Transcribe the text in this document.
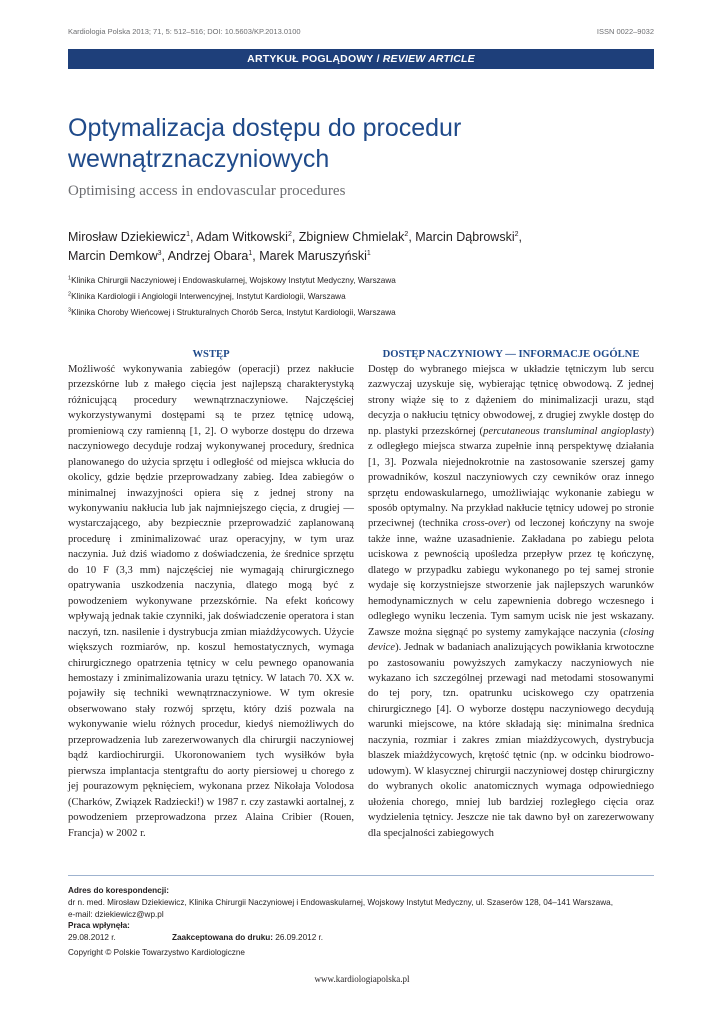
Kardiologia Polska 2013; 71, 5: 512–516; DOI: 10.5603/KP.2013.0100	ISSN 0022–9032
ARTYKUŁ POGLĄDOWY / REVIEW ARTICLE
Optymalizacja dostępu do procedur
wewnątrznaczyniowych
Optimising access in endovascular procedures
Mirosław Dziekiewicz$^1$, Adam Witkowski$^2$, Zbigniew Chmielak$^2$, Marcin Dąbrowski$^2$,
Marcin Demkow$^3$, Andrzej Obara$^1$, Marek Maruszyński$^1$
$^1$Klinika Chirurgii Naczyniowej i Endowaskularnej, Wojskowy Instytut Medyczny, Warszawa
$^2$Klinika Kardiologii i Angiologii Interwencyjnej, Instytut Kardiologii, Warszawa
$^3$Klinika Choroby Wieńcowej i Strukturalnych Chorób Serca, Instytut Kardiologii, Warszawa
WSTĘP

Możliwość wykonywania zabiegów (operacji) przez nakłucie przezskórne lub z małego cięcia jest najlepszą charakterystyką różnicującą procedury wewnątrznaczyniowe. Najczęściej wykorzystywanymi dostępami są te przez tętnicę udową, promieniową czy ramienną [1, 2]. O wyborze dostępu do drzewa naczyniowego decyduje rodzaj wykonywanej procedury, średnica planowanego do użycia sprzętu i odległość od miejsca wkłucia do okolicy, gdzie będzie przeprowadzany zabieg. Idea zabiegów o minimalnej inwazyjności opiera się z jednej strony na wykonywaniu nakłucia lub jak najmniejszego cięcia, z drugiej — wystarczającego, aby bezpiecznie przeprowadzić zaplanowaną procedurę i zminimalizować uraz operacyjny, w tym uraz naczynia. Już dziś wiadomo z doświadczenia, że średnice sprzętu do 10 F (3,3 mm) najczęściej nie wymagają chirurgicznego opatrywania uszkodzenia naczynia, dlatego mogą być z powodzeniem wykonywane przezskórnie. Na efekt końcowy wpływają jednak takie czynniki, jak doświadczenie operatora i stan naczyń, tzn. nasilenie i dystrybucja zmian miażdżycowych. Użycie większych rozmiarów, np. koszul hemostatycznych, wymaga chirurgicznego opatrzenia tętnicy w celu pewnego opanowania hemostazy i zminimalizowania urazu tętnicy. W latach 70. XX w. pojawiły się techniki wewnątrznaczyniowe. W tym okresie obserwowano stały rozwój sprzętu, który dziś pozwala na wykonywanie wielu różnych procedur, kiedyś niemożliwych do przeprowadzenia lub zarezerwowanych dla chirurgii naczyniowej bądź kardiochirurgii. Ukoronowaniem tych wysiłków była pierwsza implantacja stentgraftu do aorty piersiowej u chorego z jej pourazowym pęknięciem, wykonana przez Nikołaja Volodosa (Charków, Związek Radziecki!) w 1987 r. czy zastawki aortalnej, z powodzeniem przeprowadzona przez Alaina Cribier (Rouen, Francja) w 2002 r.

DOSTĘP NACZYNIOWY — INFORMACJE OGÓLNE

Dostęp do wybranego miejsca w układzie tętniczym lub sercu zazwyczaj uzyskuje się, wybierając tętnicę obwodową. Z jednej strony wiąże się to z dążeniem do minimalizacji urazu, stąd decyzja o nakłuciu tętnicy obwodowej, z drugiej zwykle dostęp do np. plastyki przezskórnej (percutaneous transluminal angioplasty) z odległego miejsca stwarza zupełnie inną perspektywę działania [1, 3]. Pozwala niejednokrotnie na zastosowanie szerszej gamy prowadników, koszul naczyniowych czy cewników oraz innego sprzętu endowaskularnego, umożliwiając wykonanie zabiegu w sposób optymalny. Na przykład nakłucie tętnicy udowej po stronie przeciwnej (technika cross-over) od leczonej kończyny na swoje także inne, ważne uzasadnienie. Zakładana po zabiegu pelota uciskowa z pewnością upośledza przepływ przez tę kończynę, dlatego w przypadku zabiegu wykonanego po tej samej stronie wydaje się korzystniejsze stworzenie jak najlepszych warunków hemodynamicznych w celu zapewnienia dobrego wczesnego i odległego wyniku leczenia. Tym samym ucisk nie jest wskazany. Zawsze można sięgnąć po systemy zamykające naczynia (closing device). Jednak w badaniach analizujących powikłania krwotoczne po zastosowaniu powyższych zamykaczy naczyniowych nie wykazano ich szczególnej przewagi nad metodami stosowanymi do tej pory, tzn. opatrunku uciskowego czy opatrzenia chirurgicznego [4]. O wyborze dostępu naczyniowego decydują warunki miejscowe, na które składają się: minimalna średnica naczynia, rozmiar i zakres zmian miażdżycowych, dystrybucja blaszek miażdżycowych, krętość tętnic (np. w odcinku biodrowo-udowym). W klasycznej chirurgii naczyniowej dostęp chirurgiczny do wybranych okolic anatomicznych wymaga odpowiedniego ułożenia chorego, mniej lub bardziej rozległego cięcia oraz wydzielenia tętnicy. Jeszcze nie tak dawno był on zarezerwowany dla specjalności zabiegowych

Adres do korespondencji:
dr n. med. Mirosław Dziekiewicz, Klinika Chirurgii Naczyniowej i Endowaskularnej, Wojskowy Instytut Medyczny, ul. Szaserów 128, 04–141 Warszawa,
e-mail: dziekiewicz@wp.pl
Praca wpłynęła: 29.08.2012 r.	Zaakceptowana do druku: 26.09.2012 r.
Copyright © Polskie Towarzystwo Kardiologiczne
www.kardiologiapolska.pl
